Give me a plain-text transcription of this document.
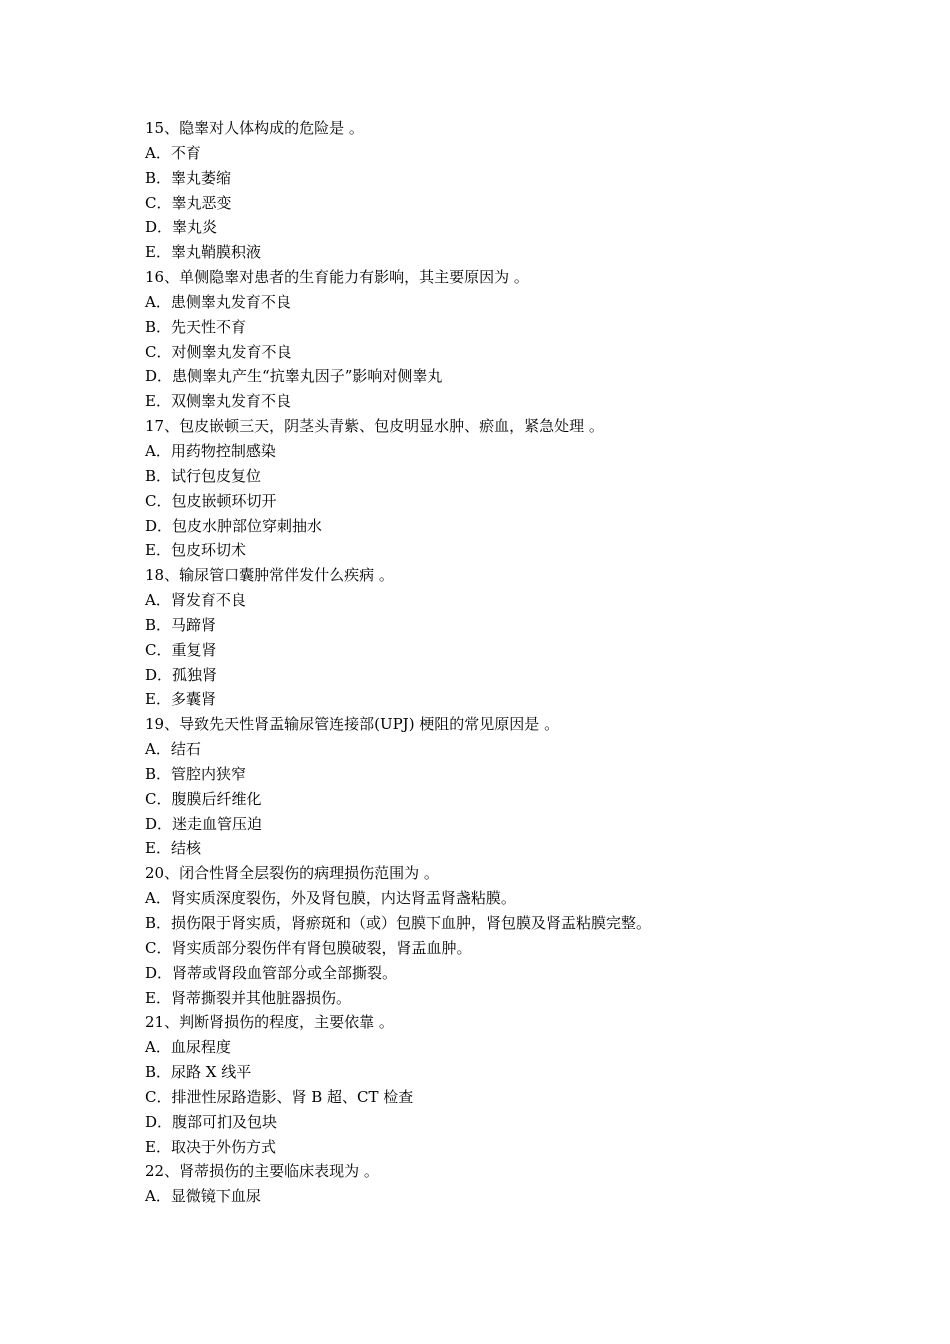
15、隐睾对人体构成的危险是 。
A．不育
B．睾丸萎缩
C．睾丸恶变
D．睾丸炎
E．睾丸鞘膜积液
16、单侧隐睾对患者的生育能力有影响，其主要原因为 。
A．患侧睾丸发育不良
B．先天性不育
C．对侧睾丸发育不良
D．患侧睾丸产生“抗睾丸因子”影响对侧睾丸
E．双侧睾丸发育不良
17、包皮嵌顿三天，阴茎头青紫、包皮明显水肿、瘀血，紧急处理 。
A．用药物控制感染
B．试行包皮复位
C．包皮嵌顿环切开
D．包皮水肿部位穿刺抽水
E．包皮环切术
18、输尿管口囊肿常伴发什么疾病 。
A．肾发育不良
B．马蹄肾
C．重复肾
D．孤独肾
E．多囊肾
19、导致先天性肾盂输尿管连接部(UPJ) 梗阻的常见原因是 。
A．结石
B．管腔内狭窄
C．腹膜后纤维化
D．迷走血管压迫
E．结核
20、闭合性肾全层裂伤的病理损伤范围为 。
A．肾实质深度裂伤，外及肾包膜，内达肾盂肾盏粘膜。
B．损伤限于肾实质，肾瘀斑和（或）包膜下血肿，肾包膜及肾盂粘膜完整。
C．肾实质部分裂伤伴有肾包膜破裂，肾盂血肿。
D．肾蒂或肾段血管部分或全部撕裂。
E．肾蒂撕裂并其他脏器损伤。
21、判断肾损伤的程度，主要依靠 。
A．血尿程度
B．尿路 X 线平
C．排泄性尿路造影、肾 B 超、CT 检查
D．腹部可扪及包块
E．取决于外伤方式
22、肾蒂损伤的主要临床表现为 。
A．显微镜下血尿
